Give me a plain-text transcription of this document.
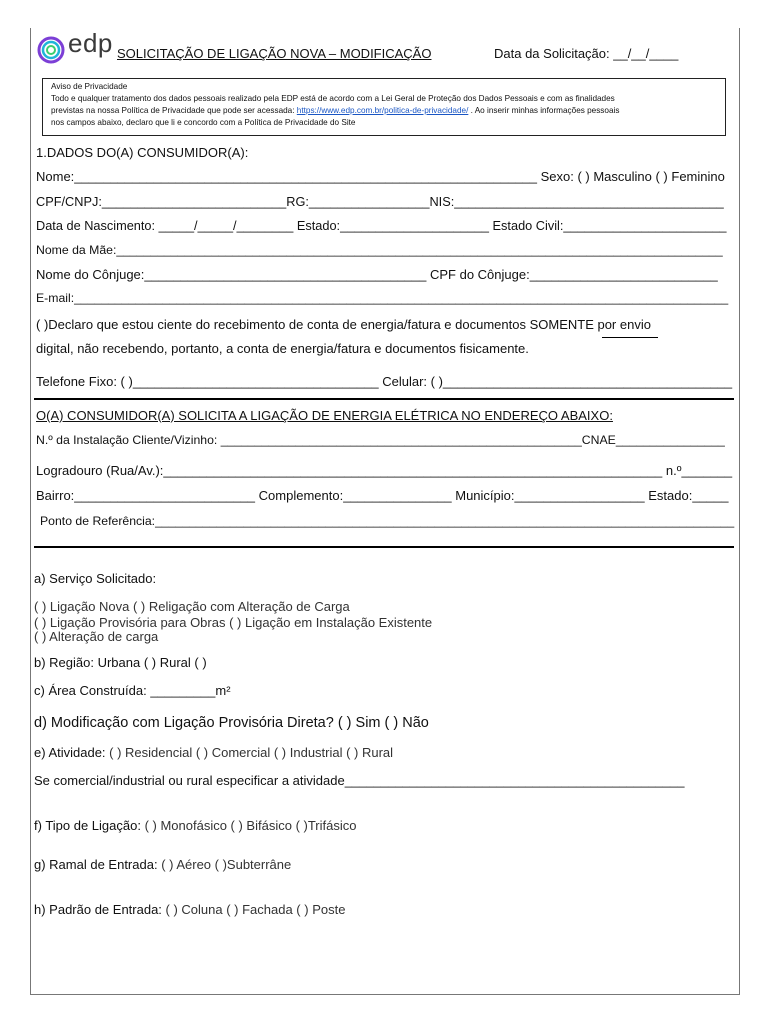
edp SOLICITAÇÃO DE LIGAÇÃO NOVA – MODIFICAÇÃO	Data da Solicitação: __/__/____
Aviso de Privacidade
Todo e qualquer tratamento dos dados pessoais realizado pela EDP está de acordo com a Lei Geral de Proteção dos Dados Pessoais e com as finalidades
previstas na nossa Política de Privacidade que pode ser acessada: https://www.edp.com.br/politica-de-privacidade/ . Ao inserir minhas informações pessoais
nos campos abaixo, declaro que li e concordo com a Política de Privacidade do Site
1.DADOS DO(A) CONSUMIDOR(A):
Nome:________________________________________________________________ Sexo: ( ) Masculino ( ) Feminino
CPF/CNPJ:__________________________RG:_________________NIS:______________________________________
Data de Nascimento: _____/_____/________ Estado:_____________________ Estado Civil:_______________________
Nome da Mãe:_________________________________________________________________________________________
Nome do Cônjuge:_______________________________________ CPF do Cônjuge:__________________________
E-mail:________________________________________________________________________________________________
( )Declaro que estou ciente do recebimento de conta de energia/fatura e documentos SOMENTE por envio
digital, não recebendo, portanto, a conta de energia/fatura e documentos fisicamente.
Telefone Fixo: ( )__________________________________ Celular: ( )________________________________________
O(A) CONSUMIDOR(A) SOLICITA A LIGAÇÃO DE ENERGIA ELÉTRICA NO ENDEREÇO ABAIXO:
N.º da Instalação Cliente/Vizinho: _____________________________________________________CNAE________________
Logradouro (Rua/Av.):_____________________________________________________________________ n.º_______
Bairro:_________________________ Complemento:_______________ Município:__________________ Estado:_____
Ponto de Referência:_____________________________________________________________________________________
a) Serviço Solicitado:
( ) Ligação Nova ( ) Religação com Alteração de Carga
( ) Ligação Provisória para Obras ( ) Ligação em Instalação Existente
( ) Alteração de carga
b) Região: Urbana ( ) Rural ( )
c) Área Construída: _________m²
d) Modificação com Ligação Provisória Direta? ( ) Sim ( ) Não
e) Atividade: ( ) Residencial ( ) Comercial ( ) Industrial ( ) Rural
Se comercial/industrial ou rural especificar a atividade_______________________________________________
f) Tipo de Ligação: ( ) Monofásico ( ) Bifásico ( )Trifásico
g) Ramal de Entrada: ( ) Aéreo ( )Subterrâne
h) Padrão de Entrada: ( ) Coluna ( ) Fachada ( ) Poste
